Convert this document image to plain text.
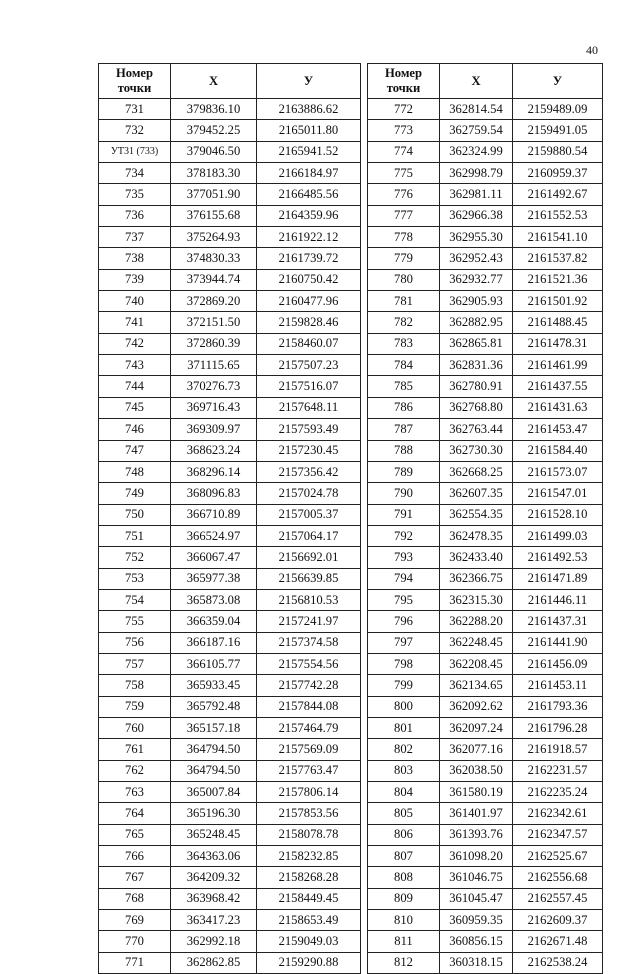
40
Номер
точки	X	У
731	379836.10	2163886.62
732	379452.25	2165011.80
УТ31 (733)	379046.50	2165941.52
734	378183.30	2166184.97
735	377051.90	2166485.56
736	376155.68	2164359.96
737	375264.93	2161922.12
738	374830.33	2161739.72
739	373944.74	2160750.42
740	372869.20	2160477.96
741	372151.50	2159828.46
742	372860.39	2158460.07
743	371115.65	2157507.23
744	370276.73	2157516.07
745	369716.43	2157648.11
746	369309.97	2157593.49
747	368623.24	2157230.45
748	368296.14	2157356.42
749	368096.83	2157024.78
750	366710.89	2157005.37
751	366524.97	2157064.17
752	366067.47	2156692.01
753	365977.38	2156639.85
754	365873.08	2156810.53
755	366359.04	2157241.97
756	366187.16	2157374.58
757	366105.77	2157554.56
758	365933.45	2157742.28
759	365792.48	2157844.08
760	365157.18	2157464.79
761	364794.50	2157569.09
762	364794.50	2157763.47
763	365007.84	2157806.14
764	365196.30	2157853.56
765	365248.45	2158078.78
766	364363.06	2158232.85
767	364209.32	2158268.28
768	363968.42	2158449.45
769	363417.23	2158653.49
770	362992.18	2159049.03
771	362862.85	2159290.88
Номер
точки	X	У
772	362814.54	2159489.09
773	362759.54	2159491.05
774	362324.99	2159880.54
775	362998.79	2160959.37
776	362981.11	2161492.67
777	362966.38	2161552.53
778	362955.30	2161541.10
779	362952.43	2161537.82
780	362932.77	2161521.36
781	362905.93	2161501.92
782	362882.95	2161488.45
783	362865.81	2161478.31
784	362831.36	2161461.99
785	362780.91	2161437.55
786	362768.80	2161431.63
787	362763.44	2161453.47
788	362730.30	2161584.40
789	362668.25	2161573.07
790	362607.35	2161547.01
791	362554.35	2161528.10
792	362478.35	2161499.03
793	362433.40	2161492.53
794	362366.75	2161471.89
795	362315.30	2161446.11
796	362288.20	2161437.31
797	362248.45	2161441.90
798	362208.45	2161456.09
799	362134.65	2161453.11
800	362092.62	2161793.36
801	362097.24	2161796.28
802	362077.16	2161918.57
803	362038.50	2162231.57
804	361580.19	2162235.24
805	361401.97	2162342.61
806	361393.76	2162347.57
807	361098.20	2162525.67
808	361046.75	2162556.68
809	361045.47	2162557.45
810	360959.35	2162609.37
811	360856.15	2162671.48
812	360318.15	2162538.24
